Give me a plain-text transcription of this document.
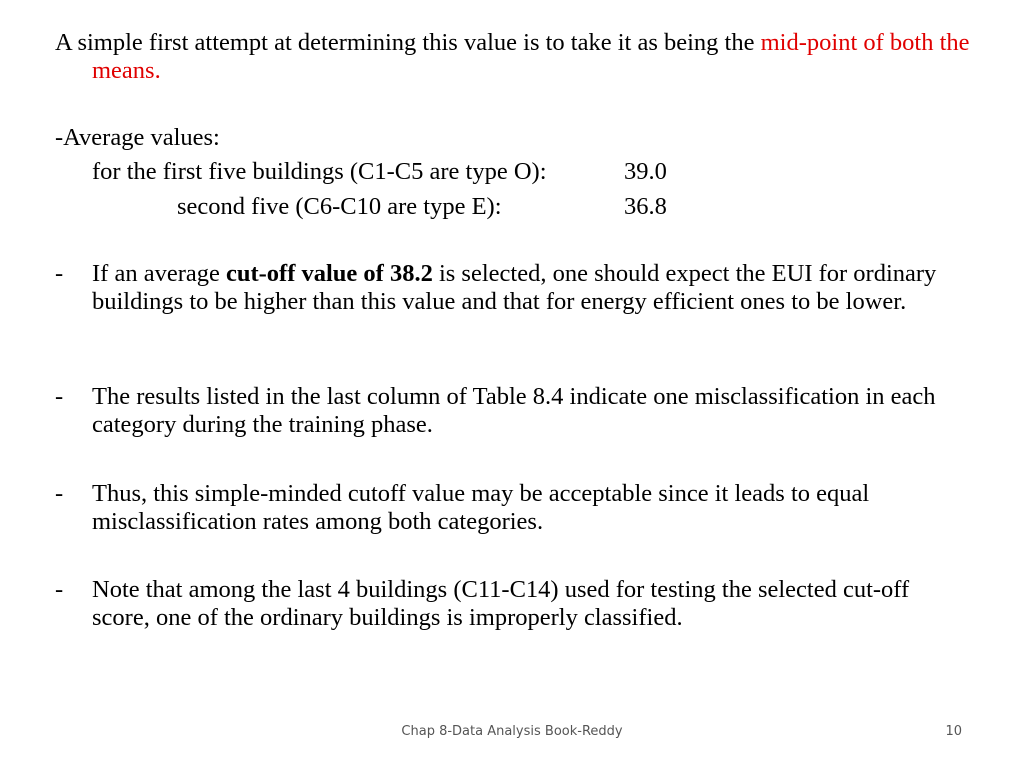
A simple first attempt at determining this value is to take it as being the mid-point of both the means.
-Average values:
for the first five buildings (C1-C5 are type O):	39.0
second five (C6-C10 are type E):	36.8
- If an average cut-off value of 38.2 is selected, one should expect the EUI for ordinary buildings to be higher than this value and that for energy efficient ones to be lower.
- The results listed in the last column of Table 8.4 indicate one misclassification in each category during the training phase.
- Thus, this simple-minded cutoff value may be acceptable since it leads to equal misclassification rates among both categories.
- Note that among the last 4 buildings (C11-C14) used for testing the selected cut-off score, one of the ordinary buildings is improperly classified.
Chap 8-Data Analysis Book-Reddy	10
